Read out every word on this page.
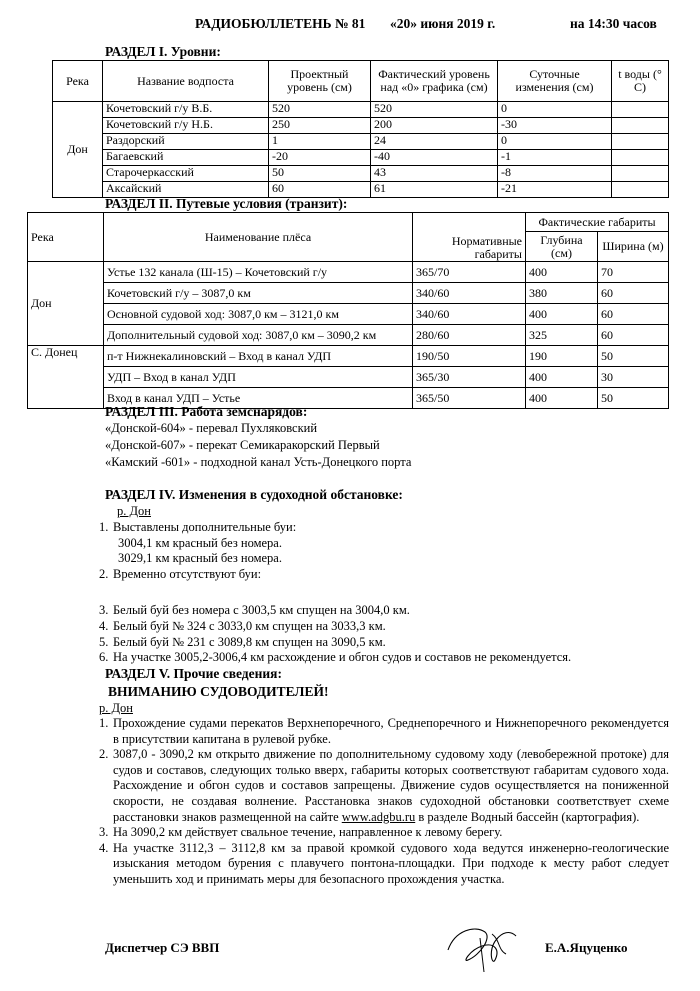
РАДИОБЮЛЛЕТЕНЬ № 81 «20» июня 2019 г.	на 14:30 часов
РАЗДЕЛ I. Уровни:
Река	Название водпоста	Проектный уровень (см)	Фактический уровень над «0» графика (см)	Суточные изменения (см)	t воды (° С)
Дон	Кочетовский г/у В.Б.	520	520	0	
	Кочетовский г/у Н.Б.	250	200	-30	
	Раздорский	1	24	0	
	Багаевский	-20	-40	-1	
	Старочеркасский	50	43	-8	
	Аксайский	60	61	-21	
РАЗДЕЛ II. Путевые условия (транзит):
Река	Наименование плёса	Нормативные габариты	Фактические габариты	
			Глубина (см)	Ширина (м)
Дон	Устье 132 канала (Ш-15) – Кочетовский г/у	365/70	400	70
	Кочетовский г/у – 3087,0 км	340/60	380	60
	Основной судовой ход: 3087,0 км – 3121,0 км	340/60	400	60
	Дополнительный судовой ход: 3087,0 км – 3090,2 км	280/60	325	60
С. Донец	п-т Нижнекалиновский – Вход в канал УДП	190/50	190	50
	УДП – Вход в канал УДП	365/30	400	30
	Вход в канал УДП – Устье	365/50	400	50
РАЗДЕЛ III. Работа земснарядов:
«Донской-604» - перевал Пухляковский
«Донской-607» - перекат Семикаракорский Первый
«Камский -601» - подходной канал Усть-Донецкого порта
РАЗДЕЛ IV. Изменения в судоходной обстановке:
р. Дон
1. Выставлены дополнительные буи:
3004,1 км красный без номера.
3029,1 км красный без номера.
2. Временно отсутствуют буи:
3. Белый буй без номера с 3003,5 км спущен на 3004,0 км.
4. Белый буй № 324 с 3033,0 км спущен на 3033,3 км.
5. Белый буй № 231 с 3089,8 км спущен на 3090,5 км.
6. На участке 3005,2-3006,4 км расхождение и обгон судов и составов не рекомендуется.
РАЗДЕЛ V. Прочие сведения:
ВНИМАНИЮ СУДОВОДИТЕЛЕЙ!
р. Дон
1. Прохождение судами перекатов Верхнепоречного, Среднепоречного и Нижнепоречного рекомендуется в присутствии капитана в рулевой рубке.
2. 3087,0 - 3090,2 км открыто движение по дополнительному судовому ходу (левобережной протоке) для судов и составов, следующих только вверх, габариты которых соответствуют габаритам судового хода. Расхождение и обгон судов и составов запрещены. Движение судов осуществляется на пониженной скорости, не создавая волнение. Расстановка знаков судоходной обстановки соответствует схеме расстановки знаков размещенной на сайте www.adgbu.ru в разделе Водный бассейн (картография).
3. На 3090,2 км действует свальное течение, направленное к левому берегу.
4. На участке 3112,3 – 3112,8 км за правой кромкой судового хода ведутся инженерно-геологические изыскания методом бурения с плавучего понтона-площадки. При подходе к месту работ следует уменьшить ход и принимать меры для безопасного прохождения участка.
Диспетчер СЭ ВВП	Е.А.Яцуценко
